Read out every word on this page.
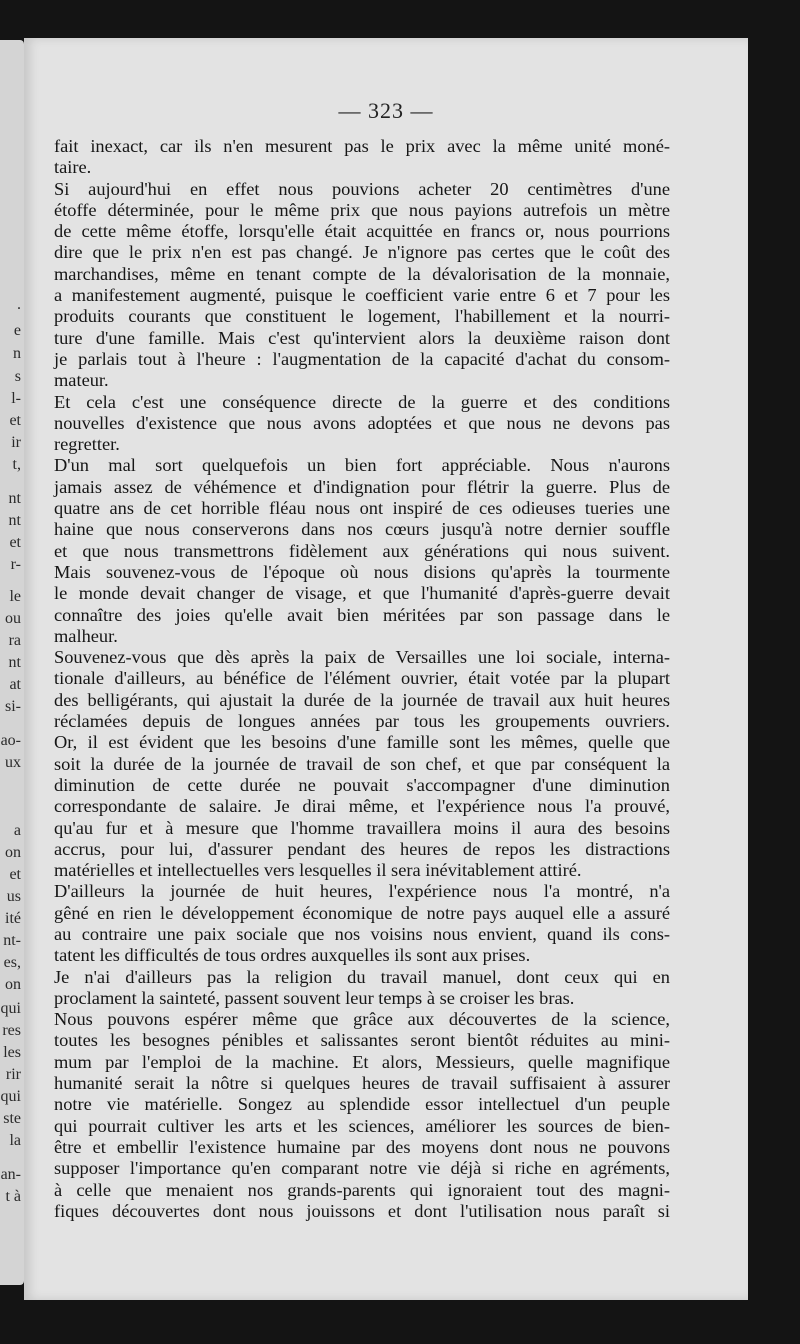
.
e
n
s
l-
et
ir
t,
nt
nt
et
r-
le
ou
ra
nt
at
si-
ao-
ux
a
on
et
us
ité
nt-
es,
on
qui
res
les
rir
qui
ste
la
an-
t à
— 323 —
fait inexact, car ils n'en mesurent pas le prix avec la même unité moné-
taire.
Si aujourd'hui en effet nous pouvions acheter 20 centimètres d'une
étoffe déterminée, pour le même prix que nous payions autrefois un mètre
de cette même étoffe, lorsqu'elle était acquittée en francs or, nous pourrions
dire que le prix n'en est pas changé. Je n'ignore pas certes que le coût des
marchandises, même en tenant compte de la dévalorisation de la monnaie,
a manifestement augmenté, puisque le coefficient varie entre 6 et 7 pour les
produits courants que constituent le logement, l'habillement et la nourri-
ture d'une famille. Mais c'est qu'intervient alors la deuxième raison dont
je parlais tout à l'heure : l'augmentation de la capacité d'achat du consom-
mateur.
Et cela c'est une conséquence directe de la guerre et des conditions
nouvelles d'existence que nous avons adoptées et que nous ne devons pas
regretter.
D'un mal sort quelquefois un bien fort appréciable. Nous n'aurons
jamais assez de véhémence et d'indignation pour flétrir la guerre. Plus de
quatre ans de cet horrible fléau nous ont inspiré de ces odieuses tueries une
haine que nous conserverons dans nos cœurs jusqu'à notre dernier souffle
et que nous transmettrons fidèlement aux générations qui nous suivent.
Mais souvenez-vous de l'époque où nous disions qu'après la tourmente
le monde devait changer de visage, et que l'humanité d'après-guerre devait
connaître des joies qu'elle avait bien méritées par son passage dans le
malheur.
Souvenez-vous que dès après la paix de Versailles une loi sociale, interna-
tionale d'ailleurs, au bénéfice de l'élément ouvrier, était votée par la plupart
des belligérants, qui ajustait la durée de la journée de travail aux huit heures
réclamées depuis de longues années par tous les groupements ouvriers.
Or, il est évident que les besoins d'une famille sont les mêmes, quelle que
soit la durée de la journée de travail de son chef, et que par conséquent la
diminution de cette durée ne pouvait s'accompagner d'une diminution
correspondante de salaire. Je dirai même, et l'expérience nous l'a prouvé,
qu'au fur et à mesure que l'homme travaillera moins il aura des besoins
accrus, pour lui, d'assurer pendant des heures de repos les distractions
matérielles et intellectuelles vers lesquelles il sera inévitablement attiré.
D'ailleurs la journée de huit heures, l'expérience nous l'a montré, n'a
gêné en rien le développement économique de notre pays auquel elle a assuré
au contraire une paix sociale que nos voisins nous envient, quand ils cons-
tatent les difficultés de tous ordres auxquelles ils sont aux prises.
Je n'ai d'ailleurs pas la religion du travail manuel, dont ceux qui en
proclament la sainteté, passent souvent leur temps à se croiser les bras.
Nous pouvons espérer même que grâce aux découvertes de la science,
toutes les besognes pénibles et salissantes seront bientôt réduites au mini-
mum par l'emploi de la machine. Et alors, Messieurs, quelle magnifique
humanité serait la nôtre si quelques heures de travail suffisaient à assurer
notre vie matérielle. Songez au splendide essor intellectuel d'un peuple
qui pourrait cultiver les arts et les sciences, améliorer les sources de bien-
être et embellir l'existence humaine par des moyens dont nous ne pouvons
supposer l'importance qu'en comparant notre vie déjà si riche en agréments,
à celle que menaient nos grands-parents qui ignoraient tout des magni-
fiques découvertes dont nous jouissons et dont l'utilisation nous paraît si
